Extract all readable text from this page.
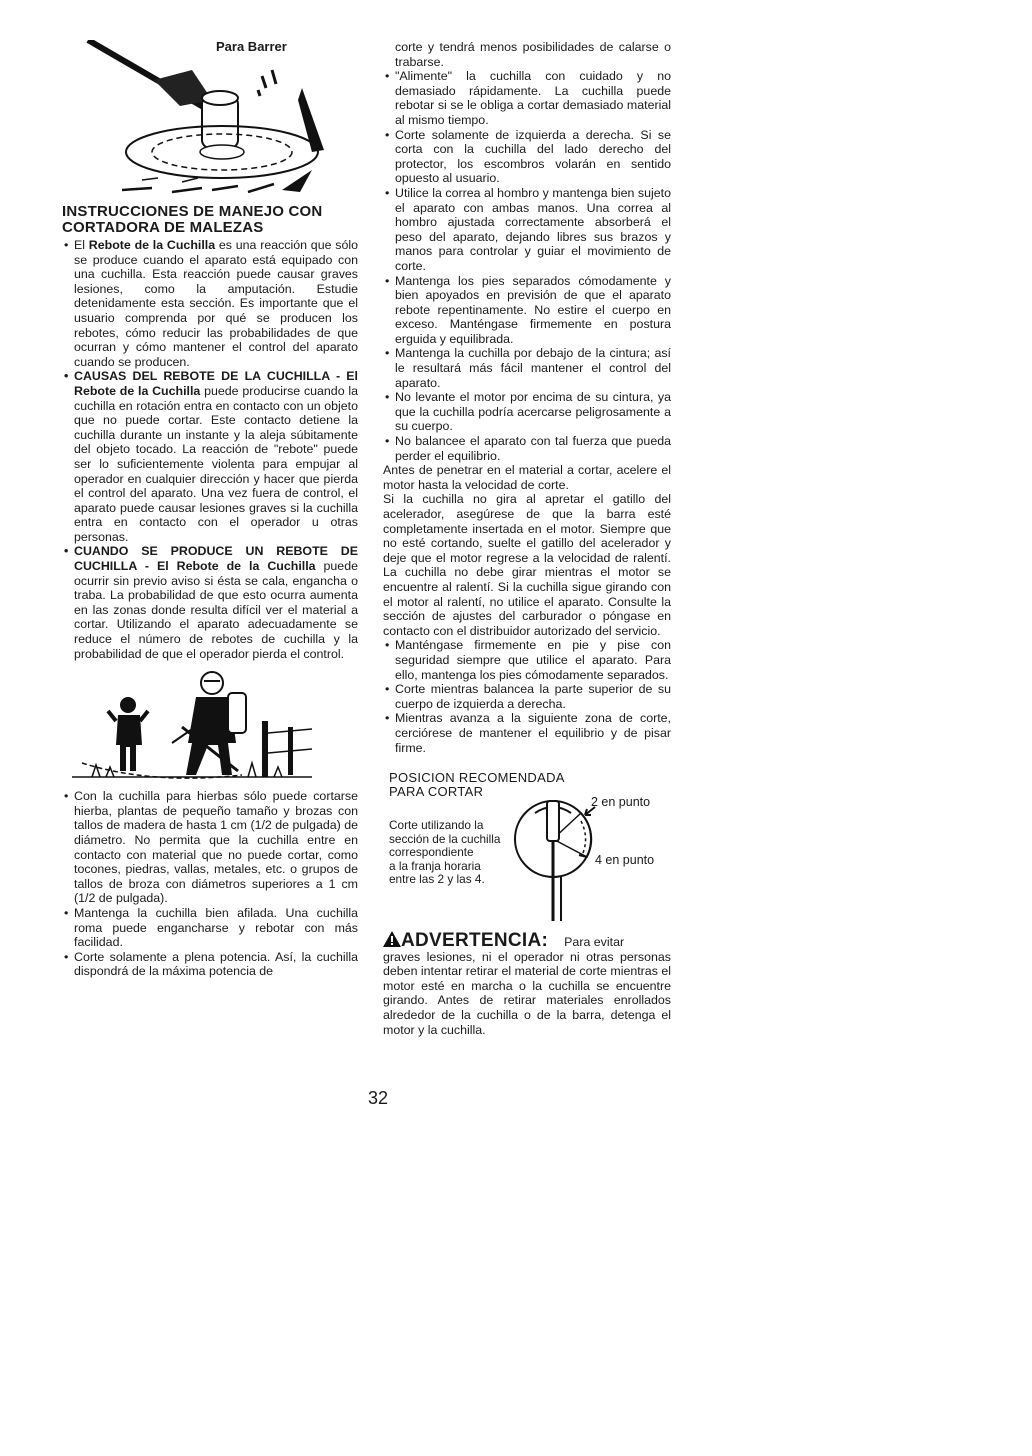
Para Barrer
INSTRUCCIONES DE MANEJO CON
CORTADORA DE MALEZAS
• El Rebote de la Cuchilla es una reacción que sólo se produce cuando el aparato está equipado con una cuchilla. Esta reacción puede causar graves lesiones, como la amputación. Estudie detenidamente esta sección. Es importante que el usuario comprenda por qué se producen los rebotes, cómo reducir las probabilidades de que ocurran y cómo mantener el control del aparato cuando se producen.
• CAUSAS DEL REBOTE DE LA CUCHILLA - El Rebote de la Cuchilla puede producirse cuando la cuchilla en rotación entra en contacto con un objeto que no puede cortar. Este contacto detiene la cuchilla durante un instante y la aleja súbitamente del objeto tocado. La reacción de "rebote" puede ser lo suficientemente violenta para empujar al operador en cualquier dirección y hacer que pierda el control del aparato. Una vez fuera de control, el aparato puede causar lesiones graves si la cuchilla entra en contacto con el operador u otras personas.
• CUANDO SE PRODUCE UN REBOTE DE CUCHILLA - El Rebote de la Cuchilla puede ocurrir sin previo aviso si ésta se cala, engancha o traba. La probabilidad de que esto ocurra aumenta en las zonas donde resulta difícil ver el material a cortar. Utilizando el aparato adecuadamente se reduce el número de rebotes de cuchilla y la probabilidad de que el operador pierda el control.
• Con la cuchilla para hierbas sólo puede cortarse hierba, plantas de pequeño tamaño y brozas con tallos de madera de hasta 1 cm (1/2 de pulgada) de diámetro. No permita que la cuchilla entre en contacto con material que no puede cortar, como tocones, piedras, vallas, metales, etc. o grupos de tallos de broza con diámetros superiores a 1 cm (1/2 de pulgada).
• Mantenga la cuchilla bien afilada. Una cuchilla roma puede engancharse y rebotar con más facilidad.
• Corte solamente a plena potencia. Así, la cuchilla dispondrá de la máxima potencia de

corte y tendrá menos posibilidades de calarse o trabarse.

• "Alimente" la cuchilla con cuidado y no demasiado rápidamente. La cuchilla puede rebotar si se le obliga a cortar demasiado material al mismo tiempo.
• Corte solamente de izquierda a derecha. Si se corta con la cuchilla del lado derecho del protector, los escombros volarán en sentido opuesto al usuario.
• Utilice la correa al hombro y mantenga bien sujeto el aparato con ambas manos. Una correa al hombro ajustada correctamente absorberá el peso del aparato, dejando libres sus brazos y manos para controlar y guiar el movimiento de corte.
• Mantenga los pies separados cómodamente y bien apoyados en previsión de que el aparato rebote repentinamente. No estire el cuerpo en exceso. Manténgase firmemente en postura erguida y equilibrada.
• Mantenga la cuchilla por debajo de la cintura; así le resultará más fácil mantener el control del aparato.
• No levante el motor por encima de su cintura, ya que la cuchilla podría acercarse peligrosamente a su cuerpo.
• No balancee el aparato con tal fuerza que pueda perder el equilibrio.

Antes de penetrar en el material a cortar, acelere el motor hasta la velocidad de corte.

Si la cuchilla no gira al apretar el gatillo del acelerador, asegúrese de que la barra esté completamente insertada en el motor. Siempre que no esté cortando, suelte el gatillo del acelerador y deje que el motor regrese a la velocidad de ralentí. La cuchilla no debe girar mientras el motor se encuentre al ralentí. Si la cuchilla sigue girando con el motor al ralentí, no utilice el aparato. Consulte la sección de ajustes del carburador o póngase en contacto con el distribuidor autorizado del servicio.

• Manténgase firmemente en pie y pise con seguridad siempre que utilice el aparato. Para ello, mantenga los pies cómodamente separados.
• Corte mientras balancea la parte superior de su cuerpo de izquierda a derecha.
• Mientras avanza a la siguiente zona de corte, cerciórese de mantener el equilibrio y de pisar firme.
POSICION RECOMENDADA
PARA CORTAR
Corte utilizando la
sección de la cuchilla
correspondiente
a la franja horaria
entre las 2 y las 4.
2 en punto
4 en punto
ADVERTENCIA: Para evitar

graves lesiones, ni el operador ni otras personas deben intentar retirar el material de corte mientras el motor esté en marcha o la cuchilla se encuentre girando. Antes de retirar materiales enrollados alrededor de la cuchilla o de la barra, detenga el motor y la cuchilla.

32
